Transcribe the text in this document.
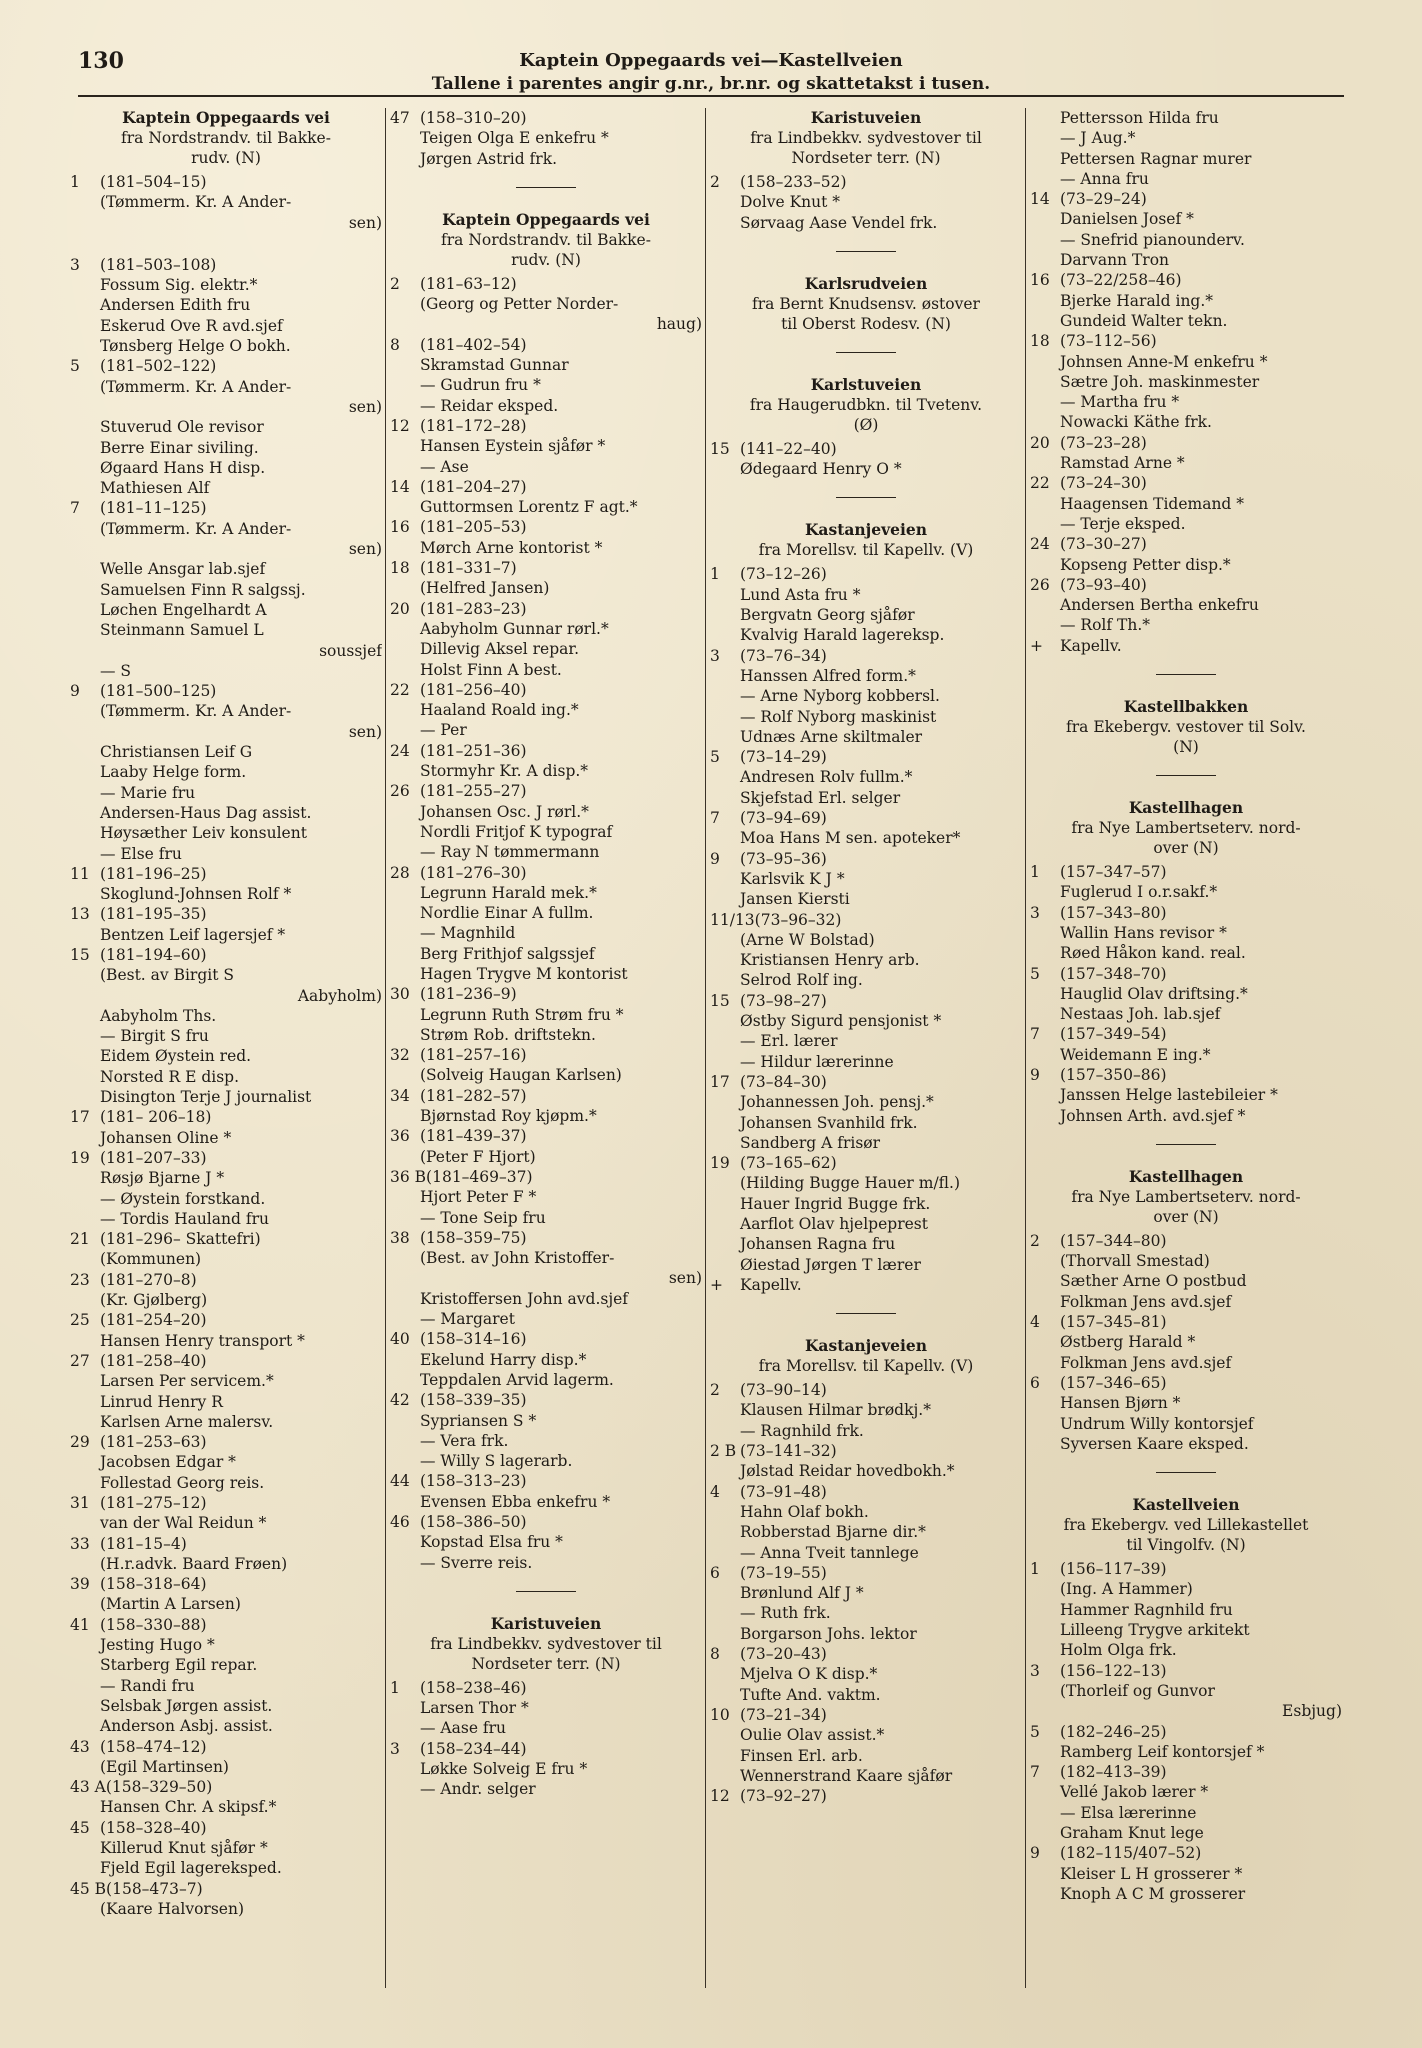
130	Kaptein Oppegaards vei—Kastellveien
Tallene i parentes angir g.nr., br.nr. og skattetakst i tusen.
Kaptein Oppegaards vei
fra Nordstrandv. til Bakke-
rudv. (N)
1 (181–504–15)
(Tømmerm. Kr. A Ander-
sen)
3 (181–503–108)
Fossum Sig. elektr.*
Andersen Edith fru
Eskerud Ove R avd.sjef
Tønsberg Helge O bokh.
5 (181–502–122)
(Tømmerm. Kr. A Ander-
sen)
Stuverud Ole revisor
Berre Einar siviling.
Øgaard Hans H disp.
Mathiesen Alf
7 (181–11–125)
(Tømmerm. Kr. A Ander-
sen)
Welle Ansgar lab.sjef
Samuelsen Finn R salgssj.
Løchen Engelhardt A
Steinmann Samuel L
soussjef
— S
9 (181–500–125)
(Tømmerm. Kr. A Ander-
sen)
Christiansen Leif G
Laaby Helge form.
— Marie fru
Andersen-Haus Dag assist.
Høysæther Leiv konsulent
— Else fru
11 (181–196–25)
Skoglund-Johnsen Rolf *
13 (181–195–35)
Bentzen Leif lagersjef *
15 (181–194–60)
(Best. av Birgit S
Aabyholm)
Aabyholm Ths.
— Birgit S fru
Eidem Øystein red.
Norsted R E disp.
Disington Terje J journalist
17 (181– 206–18)
Johansen Oline *
19 (181–207–33)
Røsjø Bjarne J *
— Øystein forstkand.
— Tordis Hauland fru
21 (181–296– Skattefri)
(Kommunen)
23 (181–270–8)
(Kr. Gjølberg)
25 (181–254–20)
Hansen Henry transport *
27 (181–258–40)
Larsen Per servicem.*
Linrud Henry R
Karlsen Arne malersv.
29 (181–253–63)
Jacobsen Edgar *
Follestad Georg reis.
31 (181–275–12)
van der Wal Reidun *
33 (181–15–4)
(H.r.advk. Baard Frøen)
39 (158–318–64)
(Martin A Larsen)
41 (158–330–88)
Jesting Hugo *
Starberg Egil repar.
— Randi fru
Selsbak Jørgen assist.
Anderson Asbj. assist.
43 (158–474–12)
(Egil Martinsen)
43 A(158–329–50)
Hansen Chr. A skipsf.*
45 (158–328–40)
Killerud Knut sjåfør *
Fjeld Egil lagereksped.
45 B(158–473–7)
(Kaare Halvorsen)
47 (158–310–20)
Teigen Olga E enkefru *
Jørgen Astrid frk.
Kaptein Oppegaards vei
fra Nordstrandv. til Bakke-
rudv. (N)
2 (181–63–12)
(Georg og Petter Norder-
haug)
8 (181–402–54)
Skramstad Gunnar
— Gudrun fru *
— Reidar eksped.
12 (181–172–28)
Hansen Eystein sjåfør *
— Ase
14 (181–204–27)
Guttormsen Lorentz F agt.*
16 (181–205–53)
Mørch Arne kontorist *
18 (181–331–7)
(Helfred Jansen)
20 (181–283–23)
Aabyholm Gunnar rørl.*
Dillevig Aksel repar.
Holst Finn A best.
22 (181–256–40)
Haaland Roald ing.*
— Per
24 (181–251–36)
Stormyhr Kr. A disp.*
26 (181–255–27)
Johansen Osc. J rørl.*
Nordli Fritjof K typograf
— Ray N tømmermann
28 (181–276–30)
Legrunn Harald mek.*
Nordlie Einar A fullm.
— Magnhild
Berg Frithjof salgssjef
Hagen Trygve M kontorist
30 (181–236–9)
Legrunn Ruth Strøm fru *
Strøm Rob. driftstekn.
32 (181–257–16)
(Solveig Haugan Karlsen)
34 (181–282–57)
Bjørnstad Roy kjøpm.*
36 (181–439–37)
(Peter F Hjort)
36 B(181–469–37)
Hjort Peter F *
— Tone Seip fru
38 (158–359–75)
(Best. av John Kristoffer-
sen)
Kristoffersen John avd.sjef
— Margaret
40 (158–314–16)
Ekelund Harry disp.*
Teppdalen Arvid lagerm.
42 (158–339–35)
Sypriansen S *
— Vera frk.
— Willy S lagerarb.
44 (158–313–23)
Evensen Ebba enkefru *
46 (158–386–50)
Kopstad Elsa fru *
— Sverre reis.
Karistuveien
fra Lindbekkv. sydvestover til
Nordseter terr. (N)
1 (158–238–46)
Larsen Thor *
— Aase fru
3 (158–234–44)
Løkke Solveig E fru *
— Andr. selger
Karistuveien
fra Lindbekkv. sydvestover til
Nordseter terr. (N)
2 (158–233–52)
Dolve Knut *
Sørvaag Aase Vendel frk.
Karlsrudveien
fra Bernt Knudsensv. østover
til Oberst Rodesv. (N)
Karlstuveien
fra Haugerudbkn. til Tvetenv.
(Ø)
15 (141–22–40)
Ødegaard Henry O *
Kastanjeveien
fra Morellsv. til Kapellv. (V)
1 (73–12–26)
Lund Asta fru *
Bergvatn Georg sjåfør
Kvalvig Harald lagereksp.
3 (73–76–34)
Hanssen Alfred form.*
— Arne Nyborg kobbersl.
— Rolf Nyborg maskinist
Udnæs Arne skiltmaler
5 (73–14–29)
Andresen Rolv fullm.*
Skjefstad Erl. selger
7 (73–94–69)
Moa Hans M sen. apoteker*
9 (73–95–36)
Karlsvik K J *
Jansen Kiersti
11/13(73–96–32)
(Arne W Bolstad)
Kristiansen Henry arb.
Selrod Rolf ing.
15 (73–98–27)
Østby Sigurd pensjonist *
— Erl. lærer
— Hildur lærerinne
17 (73–84–30)
Johannessen Joh. pensj.*
Johansen Svanhild frk.
Sandberg A frisør
19 (73–165–62)
(Hilding Bugge Hauer m/fl.)
Hauer Ingrid Bugge frk.
Aarflot Olav hjelpeprest
Johansen Ragna fru
Øiestad Jørgen T lærer
+ Kapellv.
Kastanjeveien
fra Morellsv. til Kapellv. (V)
2 (73–90–14)
Klausen Hilmar brødkj.*
— Ragnhild frk.
2 B (73–141–32)
Jølstad Reidar hovedbokh.*
4 (73–91–48)
Hahn Olaf bokh.
Robberstad Bjarne dir.*
— Anna Tveit tannlege
6 (73–19–55)
Brønlund Alf J *
— Ruth frk.
Borgarson Johs. lektor
8 (73–20–43)
Mjelva O K disp.*
Tufte And. vaktm.
10 (73–21–34)
Oulie Olav assist.*
Finsen Erl. arb.
Wennerstrand Kaare sjåfør
12 (73–92–27)
Pettersson Hilda fru
— J Aug.*
Pettersen Ragnar murer
— Anna fru
14 (73–29–24)
Danielsen Josef *
— Snefrid pianounderv.
Darvann Tron
16 (73–22/258–46)
Bjerke Harald ing.*
Gundeid Walter tekn.
18 (73–112–56)
Johnsen Anne-M enkefru *
Sætre Joh. maskinmester
— Martha fru *
Nowacki Käthe frk.
20 (73–23–28)
Ramstad Arne *
22 (73–24–30)
Haagensen Tidemand *
— Terje eksped.
24 (73–30–27)
Kopseng Petter disp.*
26 (73–93–40)
Andersen Bertha enkefru
— Rolf Th.*
+ Kapellv.
Kastellbakken
fra Ekebergv. vestover til Solv.
(N)
Kastellhagen
fra Nye Lambertseterv. nord-
over (N)
1 (157–347–57)
Fuglerud I o.r.sakf.*
3 (157–343–80)
Wallin Hans revisor *
Røed Håkon kand. real.
5 (157–348–70)
Hauglid Olav driftsing.*
Nestaas Joh. lab.sjef
7 (157–349–54)
Weidemann E ing.*
9 (157–350–86)
Janssen Helge lastebileier *
Johnsen Arth. avd.sjef *
Kastellhagen
fra Nye Lambertseterv. nord-
over (N)
2 (157–344–80)
(Thorvall Smestad)
Sæther Arne O postbud
Folkman Jens avd.sjef
4 (157–345–81)
Østberg Harald *
Folkman Jens avd.sjef
6 (157–346–65)
Hansen Bjørn *
Undrum Willy kontorsjef
Syversen Kaare eksped.
Kastellveien
fra Ekebergv. ved Lillekastellet
til Vingolfv. (N)
1 (156–117–39)
(Ing. A Hammer)
Hammer Ragnhild fru
Lilleeng Trygve arkitekt
Holm Olga frk.
3 (156–122–13)
(Thorleif og Gunvor
Esbjug)
5 (182–246–25)
Ramberg Leif kontorsjef *
7 (182–413–39)
Vellé Jakob lærer *
— Elsa lærerinne
Graham Knut lege
9 (182–115/407–52)
Kleiser L H grosserer *
Knoph A C M grosserer
